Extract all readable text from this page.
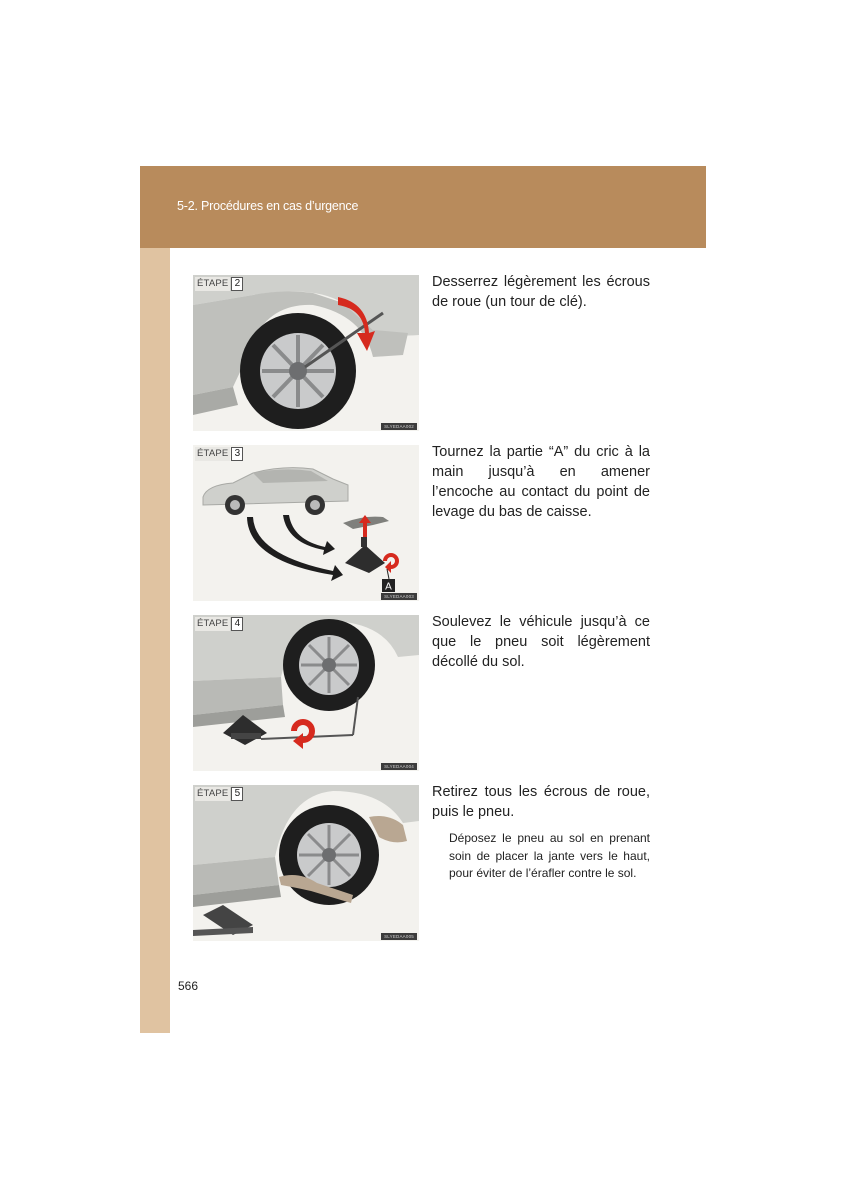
5-2. Procédures en cas d’urgence
ÉTAPE 2
SLYEDAA002
Desserrez légèrement les écrous de roue (un tour de clé).
A
ÉTAPE 3
SLYEDAA003
Tournez la partie “A” du cric à la main jusqu’à en amener l’encoche au contact du point de levage du bas de caisse.
ÉTAPE 4
SLYEDAA004
Soulevez le véhicule jusqu’à ce que le pneu soit légèrement décollé du sol.
ÉTAPE 5
SLYEDAA005
Retirez tous les écrous de roue, puis le pneu.
Déposez le pneu au sol en prenant soin de placer la jante vers le haut, pour éviter de l’érafler contre le sol.
566
